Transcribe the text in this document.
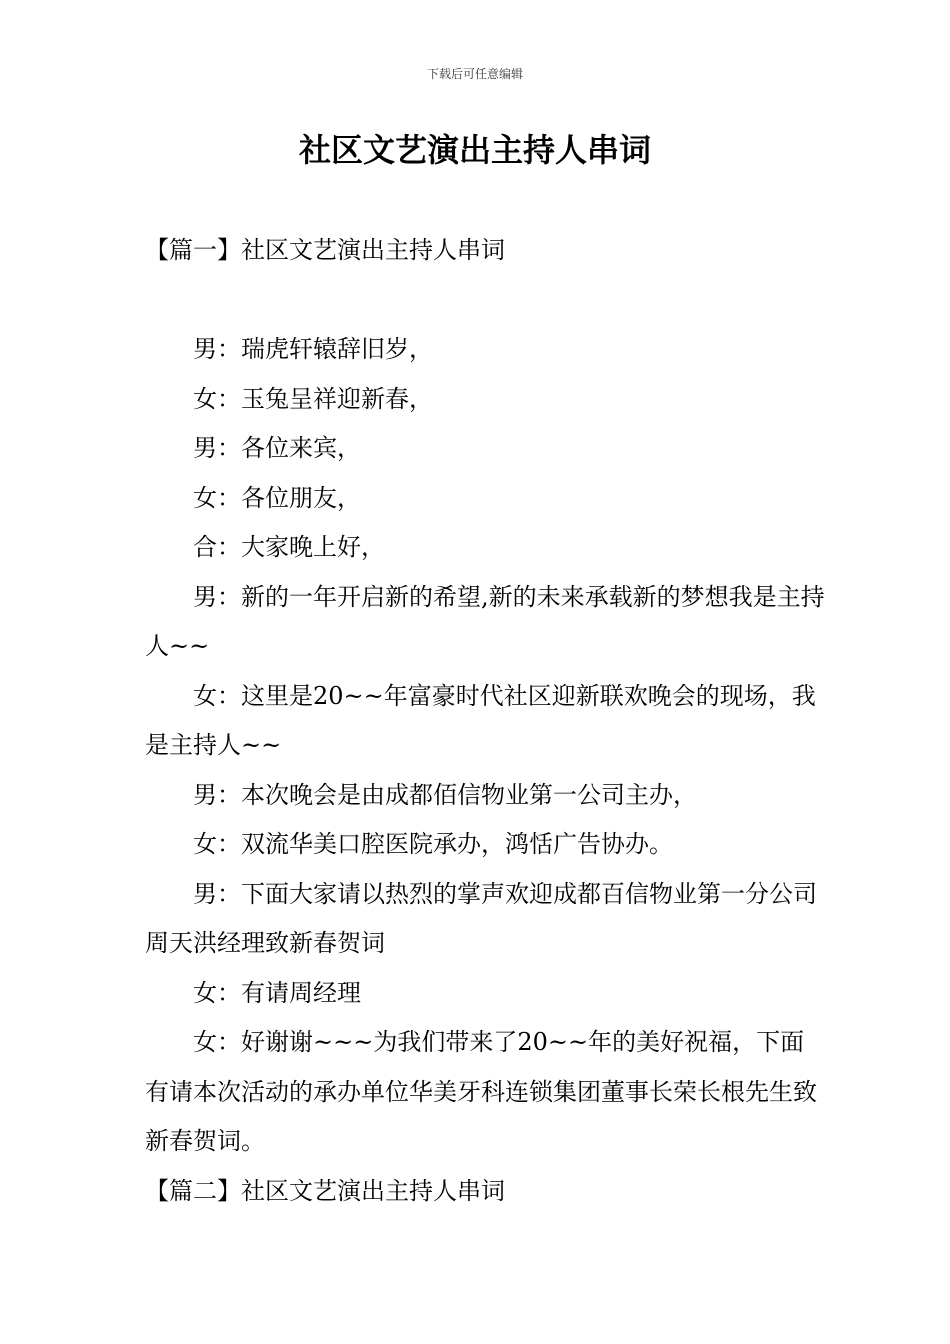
下载后可任意编辑
社区文艺演出主持人串词
【篇一】社区文艺演出主持人串词

男：瑞虎轩辕辞旧岁，

女：玉兔呈祥迎新春，

男：各位来宾，

女：各位朋友，

合：大家晚上好，

男：新的一年开启新的希望,新的未来承载新的梦想我是主持人~~

女：这里是20~~年富豪时代社区迎新联欢晚会的现场，我是主持人~~

男：本次晚会是由成都佰信物业第一公司主办，

女：双流华美口腔医院承办，鸿恬广告协办。

男：下面大家请以热烈的掌声欢迎成都百信物业第一分公司周天洪经理致新春贺词

女：有请周经理

女：好谢谢~~~为我们带来了20~~年的美好祝福，下面有请本次活动的承办单位华美牙科连锁集团董事长荣长根先生致新春贺词。

【篇二】社区文艺演出主持人串词
